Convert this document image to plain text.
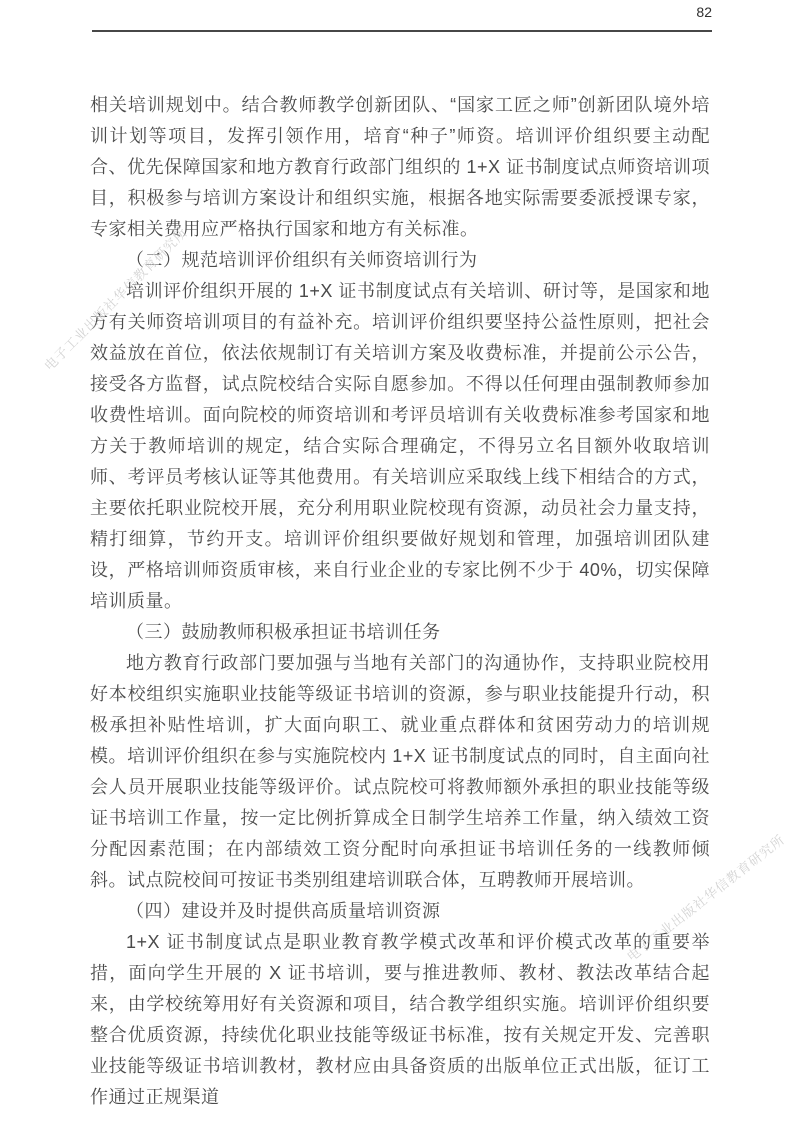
82
电子工业出版社华信教育研究所
电子工业出版社华信教育研究所

相关培训规划中。结合教师教学创新团队、“国家工匠之师”创新团队境外培训计划等项目，发挥引领作用，培育“种子”师资。培训评价组织要主动配合、优先保障国家和地方教育行政部门组织的 1+X 证书制度试点师资培训项目，积极参与培训方案设计和组织实施，根据各地实际需要委派授课专家，专家相关费用应严格执行国家和地方有关标准。

（二）规范培训评价组织有关师资培训行为

培训评价组织开展的 1+X 证书制度试点有关培训、研讨等，是国家和地方有关师资培训项目的有益补充。培训评价组织要坚持公益性原则，把社会效益放在首位，依法依规制订有关培训方案及收费标准，并提前公示公告，接受各方监督，试点院校结合实际自愿参加。不得以任何理由强制教师参加收费性培训。面向院校的师资培训和考评员培训有关收费标准参考国家和地方关于教师培训的规定，结合实际合理确定，不得另立名目额外收取培训师、考评员考核认证等其他费用。有关培训应采取线上线下相结合的方式，主要依托职业院校开展，充分利用职业院校现有资源，动员社会力量支持，精打细算，节约开支。培训评价组织要做好规划和管理，加强培训团队建设，严格培训师资质审核，来自行业企业的专家比例不少于 40%，切实保障培训质量。

（三）鼓励教师积极承担证书培训任务

地方教育行政部门要加强与当地有关部门的沟通协作，支持职业院校用好本校组织实施职业技能等级证书培训的资源，参与职业技能提升行动，积极承担补贴性培训，扩大面向职工、就业重点群体和贫困劳动力的培训规模。培训评价组织在参与实施院校内 1+X 证书制度试点的同时，自主面向社会人员开展职业技能等级评价。试点院校可将教师额外承担的职业技能等级证书培训工作量，按一定比例折算成全日制学生培养工作量，纳入绩效工资分配因素范围；在内部绩效工资分配时向承担证书培训任务的一线教师倾斜。试点院校间可按证书类别组建培训联合体，互聘教师开展培训。

（四）建设并及时提供高质量培训资源

1+X 证书制度试点是职业教育教学模式改革和评价模式改革的重要举措，面向学生开展的 X 证书培训，要与推进教师、教材、教法改革结合起来，由学校统筹用好有关资源和项目，结合教学组织实施。培训评价组织要整合优质资源，持续优化职业技能等级证书标准，按有关规定开发、完善职业技能等级证书培训教材，教材应由具备资质的出版单位正式出版，征订工作通过正规渠道
